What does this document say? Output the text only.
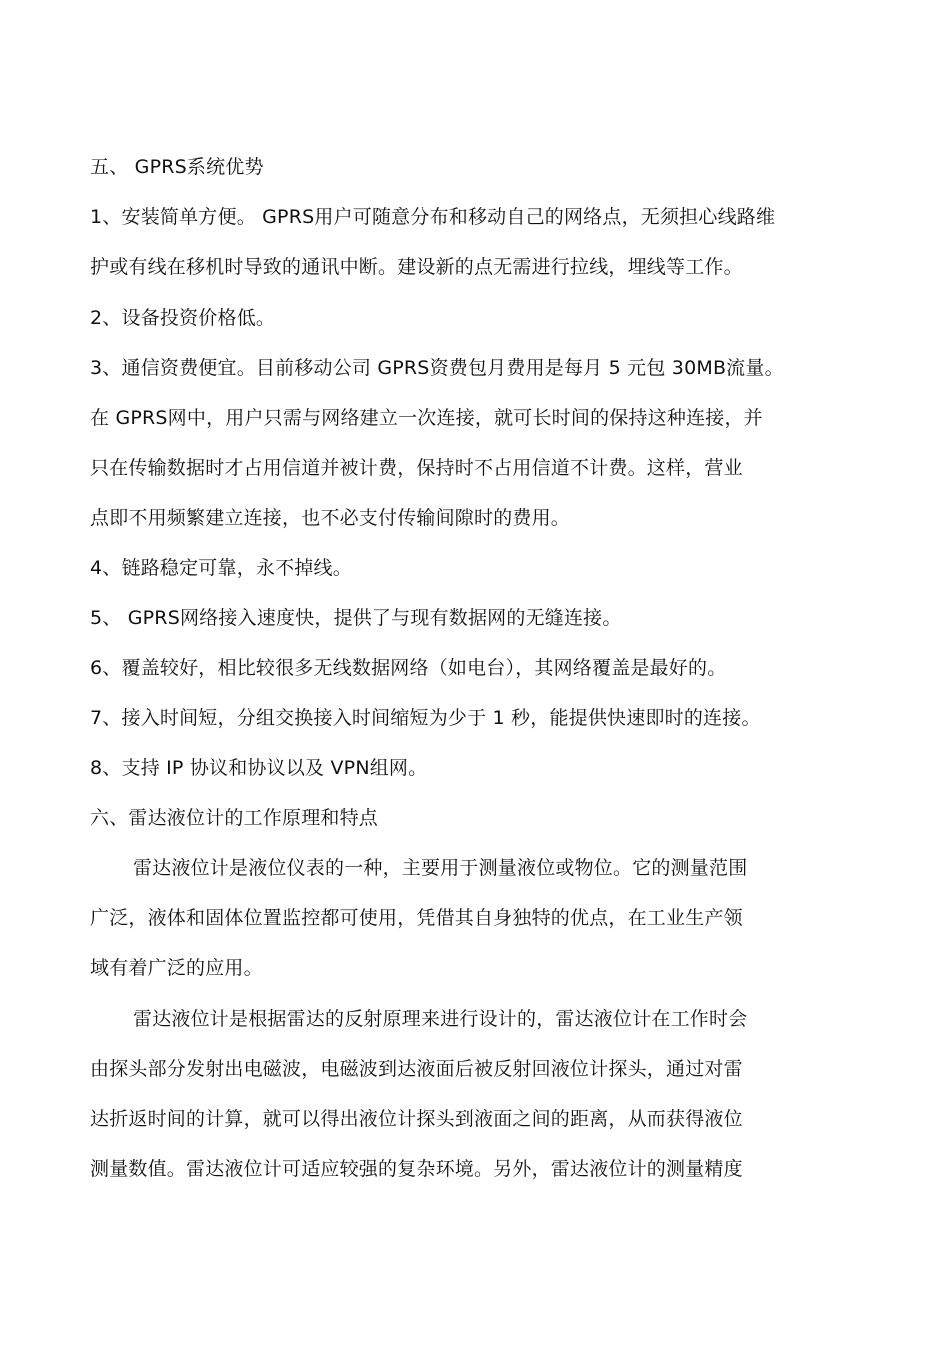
五、 GPRS系统优势

1、安装简单方便。 GPRS用户可随意分布和移动自己的网络点，无须担心线路维

护或有线在移机时导致的通讯中断。建设新的点无需进行拉线，埋线等工作。

2、设备投资价格低。

3、通信资费便宜。目前移动公司 GPRS资费包月费用是每月 5 元包 30MB流量。

在 GPRS网中，用户只需与网络建立一次连接，就可长时间的保持这种连接，并

只在传输数据时才占用信道并被计费，保持时不占用信道不计费。这样，营业

点即不用频繁建立连接，也不必支付传输间隙时的费用。

4、链路稳定可靠，永不掉线。

5、 GPRS网络接入速度快，提供了与现有数据网的无缝连接。

6、覆盖较好，相比较很多无线数据网络（如电台），其网络覆盖是最好的。

7、接入时间短，分组交换接入时间缩短为少于 1 秒，能提供快速即时的连接。

8、支持 IP 协议和协议以及 VPN组网。

六、雷达液位计的工作原理和特点

雷达液位计是液位仪表的一种，主要用于测量液位或物位。它的测量范围

广泛，液体和固体位置监控都可使用，凭借其自身独特的优点，在工业生产领

域有着广泛的应用。

雷达液位计是根据雷达的反射原理来进行设计的，雷达液位计在工作时会

由探头部分发射出电磁波，电磁波到达液面后被反射回液位计探头，通过对雷

达折返时间的计算，就可以得出液位计探头到液面之间的距离，从而获得液位

测量数值。雷达液位计可适应较强的复杂环境。另外，雷达液位计的测量精度
